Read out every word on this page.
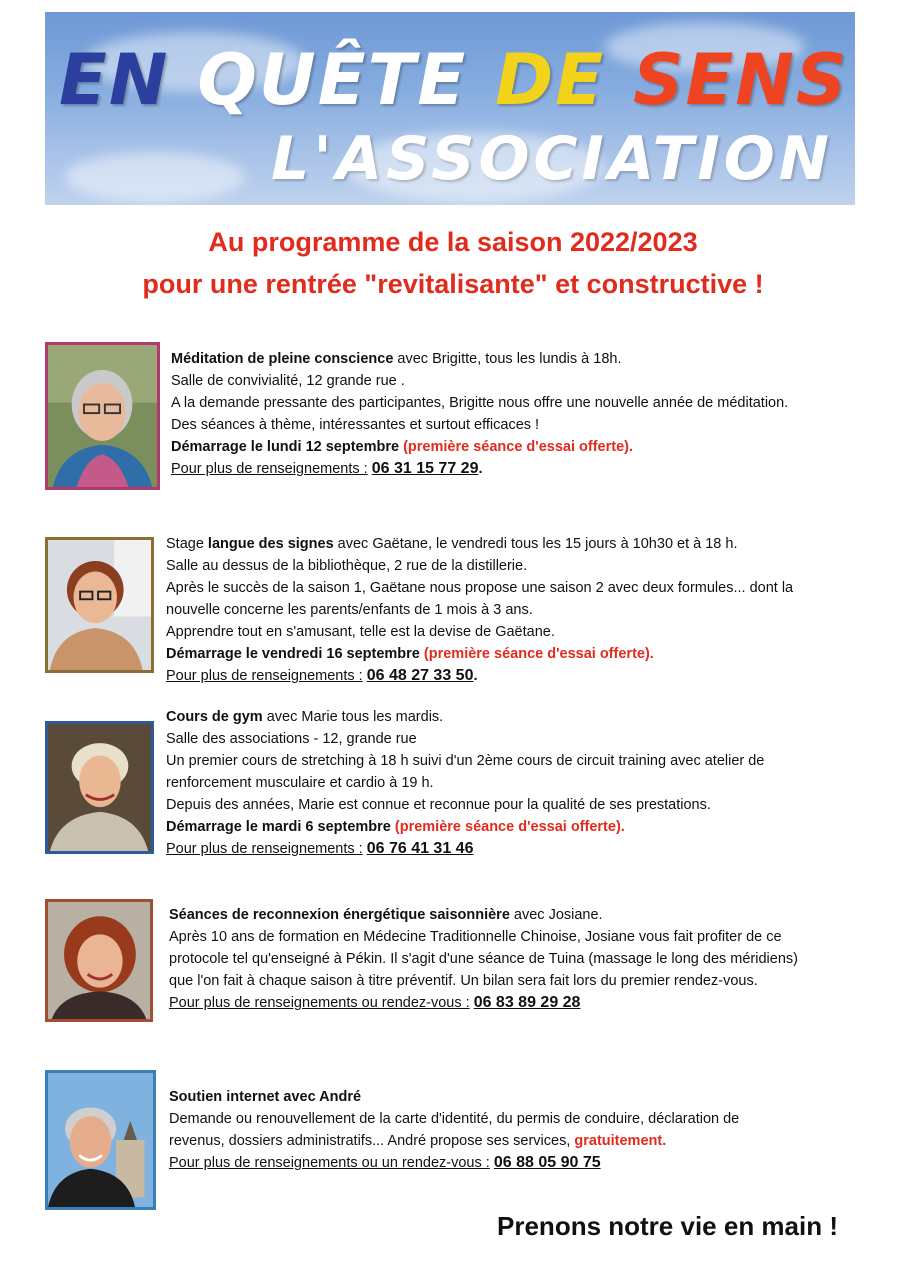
EN QUÊTE DE SENS
L'ASSOCIATION
Au programme de la saison 2022/2023
pour une rentrée "revitalisante" et constructive !
Méditation de pleine conscience avec Brigitte, tous les lundis à 18h.
Salle de convivialité, 12 grande rue .
A la demande pressante des participantes, Brigitte nous offre une nouvelle année de méditation.
Des séances à thème, intéressantes et surtout efficaces !
Démarrage le lundi 12 septembre (première séance d'essai offerte).
Pour plus de renseignements : 06 31 15 77 29.
Stage langue des signes avec Gaëtane, le vendredi tous les 15 jours à 10h30 et à 18 h.
Salle au dessus de la bibliothèque, 2 rue de la distillerie.
Après le succès de la saison 1, Gaëtane nous propose une saison 2 avec deux formules... dont la
nouvelle concerne les parents/enfants de 1 mois à 3 ans.
Apprendre tout en s'amusant, telle est la devise de Gaëtane.
Démarrage le vendredi 16 septembre (première séance d'essai offerte).
Pour plus de renseignements : 06 48 27 33 50.
Cours de gym avec Marie tous les mardis.
Salle des associations - 12, grande rue
Un premier cours de stretching à 18 h suivi d'un 2ème cours de circuit training avec atelier de
renforcement musculaire et cardio à 19 h.
Depuis des années, Marie est connue et reconnue pour la qualité de ses prestations.
Démarrage le mardi 6 septembre (première séance d'essai offerte).
Pour plus de renseignements : 06 76 41 31 46
Séances de reconnexion énergétique saisonnière avec Josiane.
Après 10 ans de formation en Médecine Traditionnelle Chinoise, Josiane vous fait profiter de ce
protocole tel qu'enseigné à Pékin. Il s'agit d'une séance de Tuina (massage le long des méridiens)
que l'on fait à chaque saison à titre préventif. Un bilan sera fait lors du premier rendez-vous.
Pour plus de renseignements ou rendez-vous : 06 83 89 29 28
Soutien internet avec André
Demande ou renouvellement de la carte d'identité, du permis de conduire, déclaration de
revenus, dossiers administratifs... André propose ses services, gratuitement.
Pour plus de renseignements ou un rendez-vous : 06 88 05 90 75
Prenons notre vie en main !
